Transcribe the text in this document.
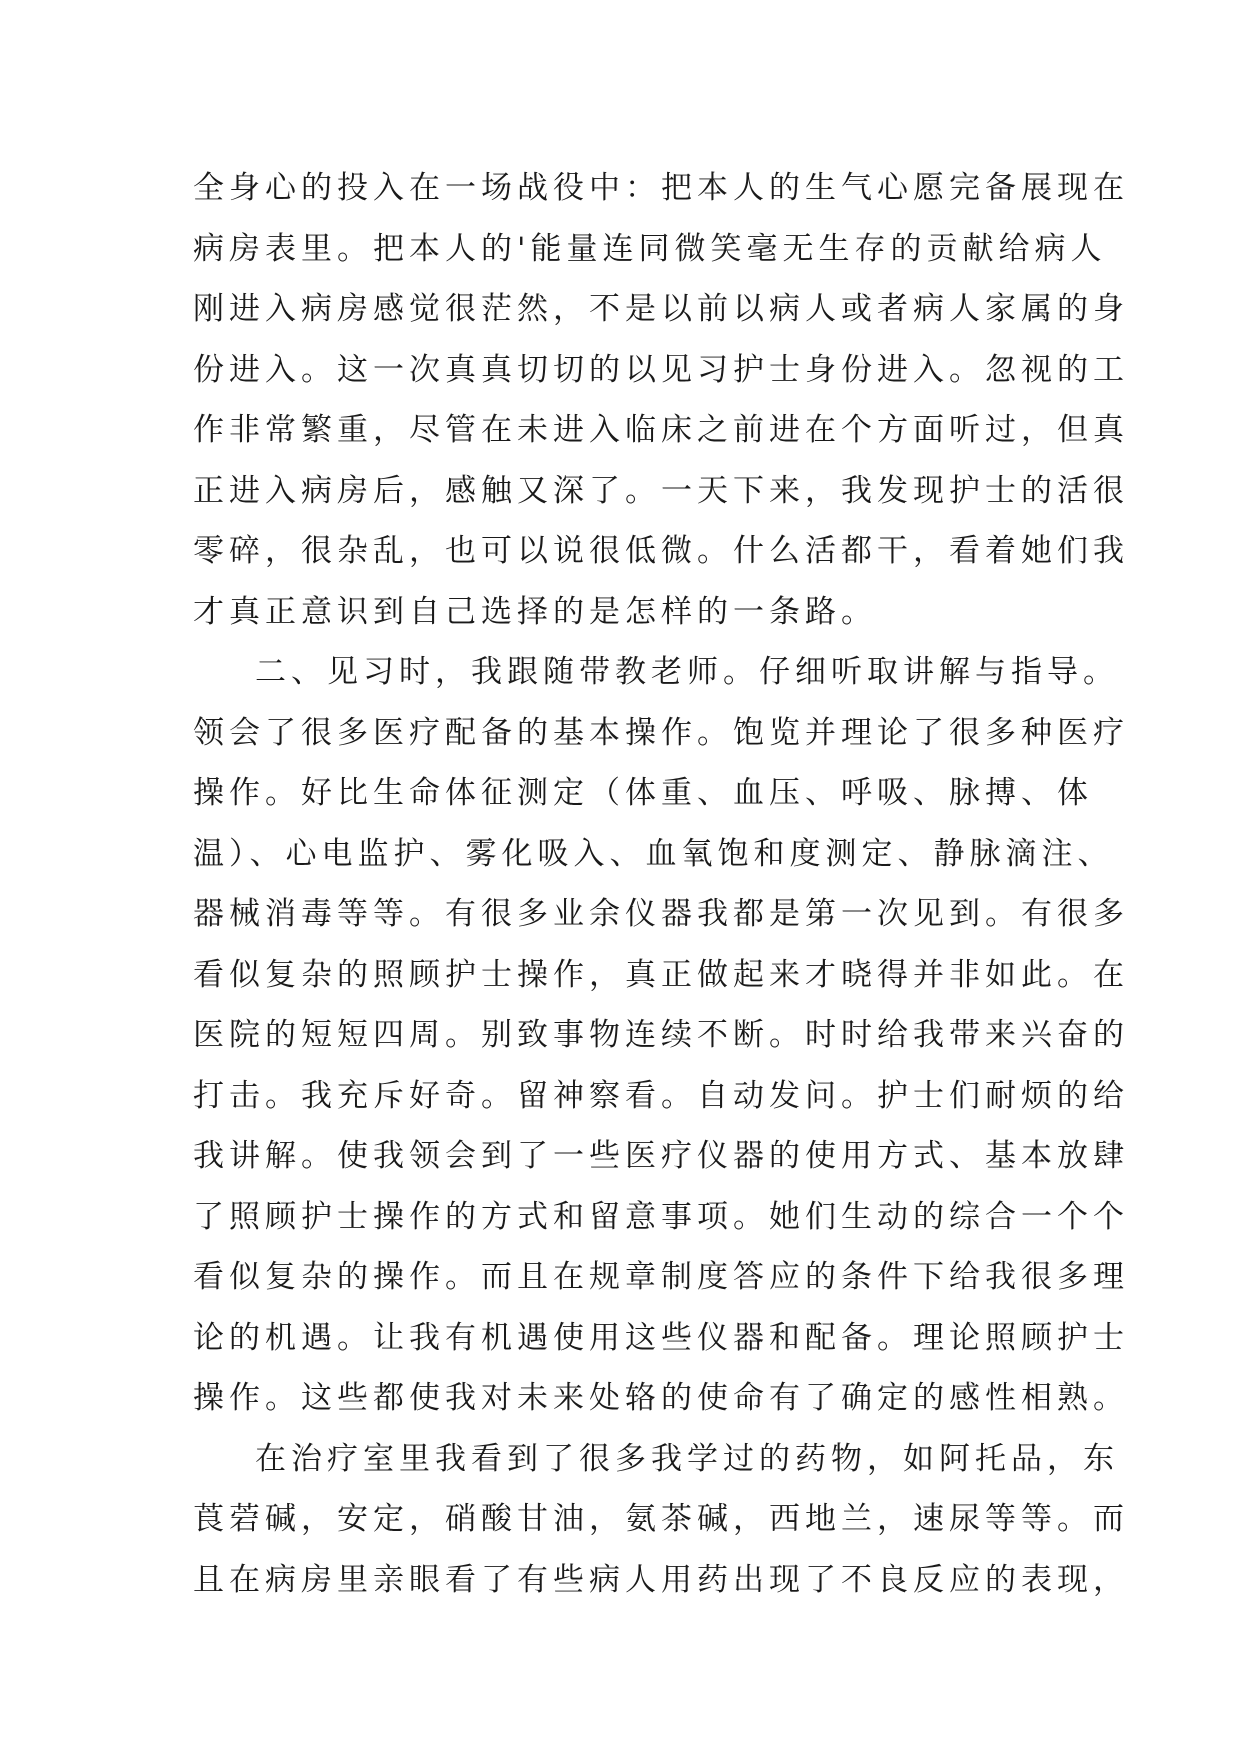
全身心的投入在一场战役中：把本人的生气心愿完备展现在
病房表里。把本人的'能量连同微笑毫无生存的贡献给病人
刚进入病房感觉很茫然，不是以前以病人或者病人家属的身
份进入。这一次真真切切的以见习护士身份进入。忽视的工
作非常繁重，尽管在未进入临床之前进在个方面听过，但真
正进入病房后，感触又深了。一天下来，我发现护士的活很
零碎，很杂乱，也可以说很低微。什么活都干，看着她们我
才真正意识到自己选择的是怎样的一条路。
二、见习时，我跟随带教老师。仔细听取讲解与指导。
领会了很多医疗配备的基本操作。饱览并理论了很多种医疗
操作。好比生命体征测定（体重、血压、呼吸、脉搏、体
温）、心电监护、雾化吸入、血氧饱和度测定、静脉滴注、
器械消毒等等。有很多业余仪器我都是第一次见到。有很多
看似复杂的照顾护士操作，真正做起来才晓得并非如此。在
医院的短短四周。别致事物连续不断。时时给我带来兴奋的
打击。我充斥好奇。留神察看。自动发问。护士们耐烦的给
我讲解。使我领会到了一些医疗仪器的使用方式、基本放肆
了照顾护士操作的方式和留意事项。她们生动的综合一个个
看似复杂的操作。而且在规章制度答应的条件下给我很多理
论的机遇。让我有机遇使用这些仪器和配备。理论照顾护士
操作。这些都使我对未来处辂的使命有了确定的感性相熟。
在治疗室里我看到了很多我学过的药物，如阿托品，东
莨菪碱，安定，硝酸甘油，氨茶碱，西地兰，速尿等等。而
且在病房里亲眼看了有些病人用药出现了不良反应的表现，
